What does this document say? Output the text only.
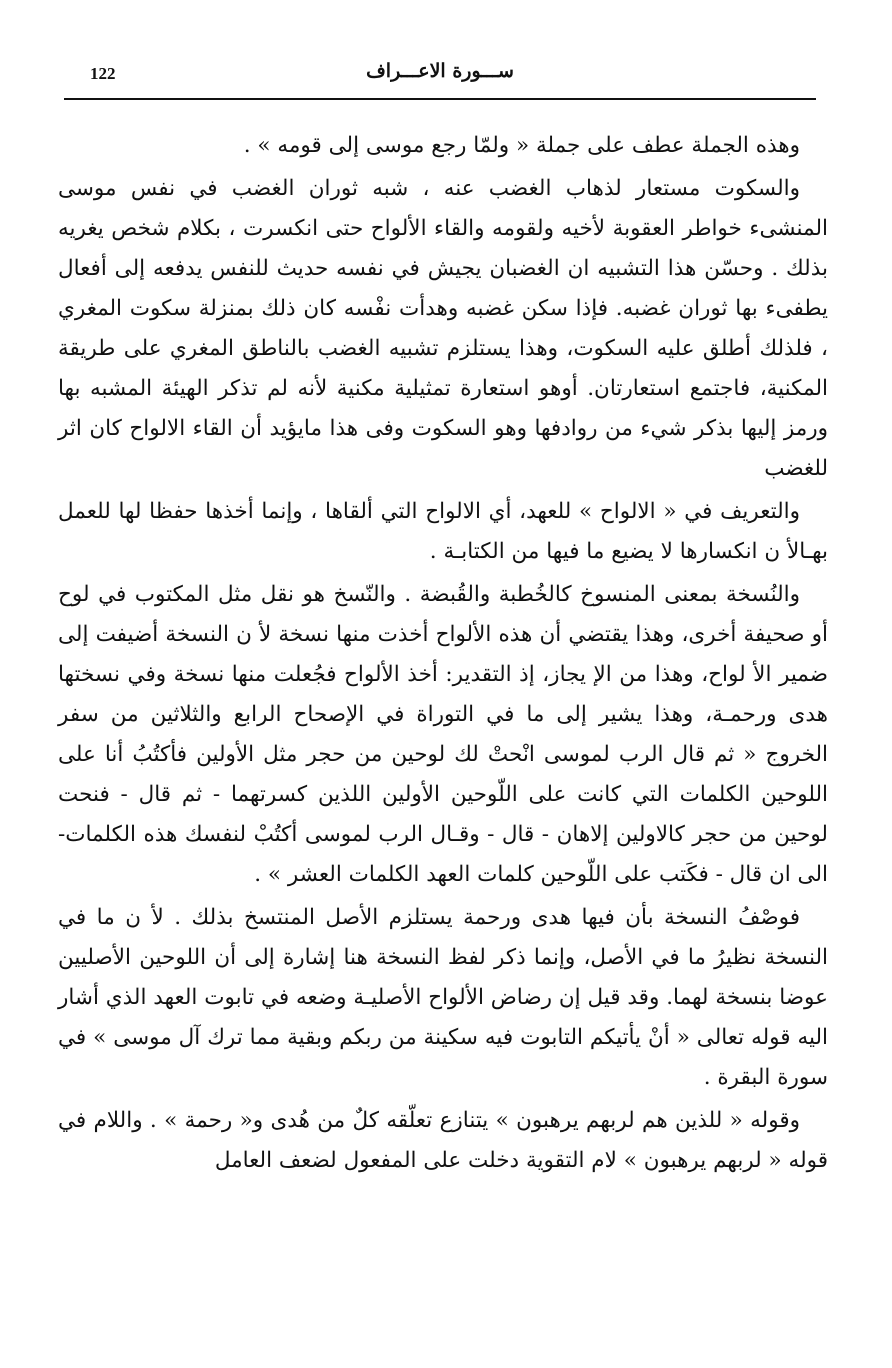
122	ســـورة الاعـــراف

وهذه الجملة عطف على جملة « ولمّا رجع موسى إلى قومه » .

والسكوت مستعار لذهاب الغضب عنه ، شبه ثوران الغضب في نفس موسى المنشىء خواطر العقوبة لأخيه ولقومه والقاء الألواح حتى انكسرت ، بكلام شخص يغريه بذلك . وحسّن هذا التشبيه ان الغضبان يجيش في نفسه حديث للنفس يدفعه إلى أفعال يطفىء بها ثوران غضبه. فإذا سكن غضبه وهدأت نفْسه كان ذلك بمنزلة سكوت المغري ، فلذلك أطلق عليه السكوت، وهذا يستلزم تشبيه الغضب بالناطق المغري على طريقة المكنية، فاجتمع استعارتان. أوهو استعارة تمثيلية مكنية لأنه لم تذكر الهيئة المشبه بها ورمز إليها بذكر شيء من روادفها وهو السكوت وفى هذا مايؤيد أن القاء الالواح كان اثر للغضب

والتعريف في « الالواح » للعهد، أي الالواح التي ألقاها ، وإنما أخذها حفظا لها للعمل بهـالأ ن انكسارها لا يضيع ما فيها من الكتابـة .

والنُسخة بمعنى المنسوخ كالخُطبة والقُبضة . والنّسخ هو نقل مثل المكتوب في لوح أو صحيفة أخرى، وهذا يقتضي أن هذه الألواح أخذت منها نسخة لأ ن النسخة أضيفت إلى ضمير الأ لواح، وهذا من الإ يجاز، إذ التقدير: أخذ الألواح فجُعلت منها نسخة وفي نسختها هدى ورحمـة، وهذا يشير إلى ما في التوراة في الإصحاح الرابع والثلاثين من سفر الخروج « ثم قال الرب لموسى انْحتْ لك لوحين من حجر مثل الأولين فأكتُبُ أنا على اللوحين الكلمات التي كانت على اللّوحين الأولين اللذين كسرتهما - ثم قال - فنحت لوحين من حجر كالاولين إلاهان - قال - وقـال الرب لموسى أكتُبْ لنفسك هذه الكلمات- الى ان قال - فكَتب على اللّوحين كلمات العهد الكلمات العشر » .

فوصْفُ النسخة بأن فيها هدى ورحمة يستلزم الأصل المنتسخ بذلك . لأ ن ما في النسخة نظيرُ ما في الأصل، وإنما ذكر لفظ النسخة هنا إشارة إلى أن اللوحين الأصليين عوضا بنسخة لهما. وقد قيل إن رضاض الألواح الأصليـة وضعه في تابوت العهد الذي أشار اليه قوله تعالى « أنْ يأتيكم التابوت فيه سكينة من ربكم وبقية مما ترك آل موسى » في سورة البقرة .

وقوله « للذين هم لربهم يرهبون » يتنازع تعلّقه كلٌ من هُدى و« رحمة » . واللام في قوله « لربهم يرهبون » لام التقوية دخلت على المفعول لضعف العامل
